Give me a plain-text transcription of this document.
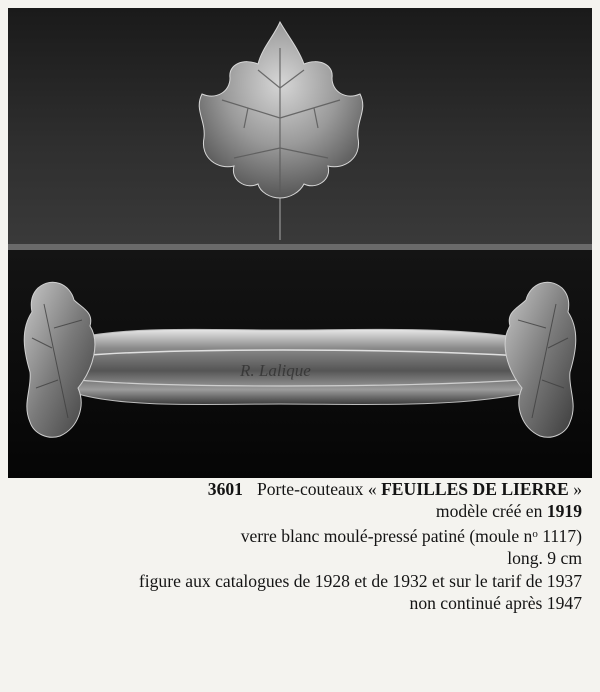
R. Lalique
3601 Porte-couteaux « FEUILLES DE LIERRE »
modèle créé en 1919
verre blanc moulé-pressé patiné (moule $n^o$ 1117)
long. 9 cm
figure aux catalogues de 1928 et de 1932 et sur le tarif de 1937
non continué après 1947
